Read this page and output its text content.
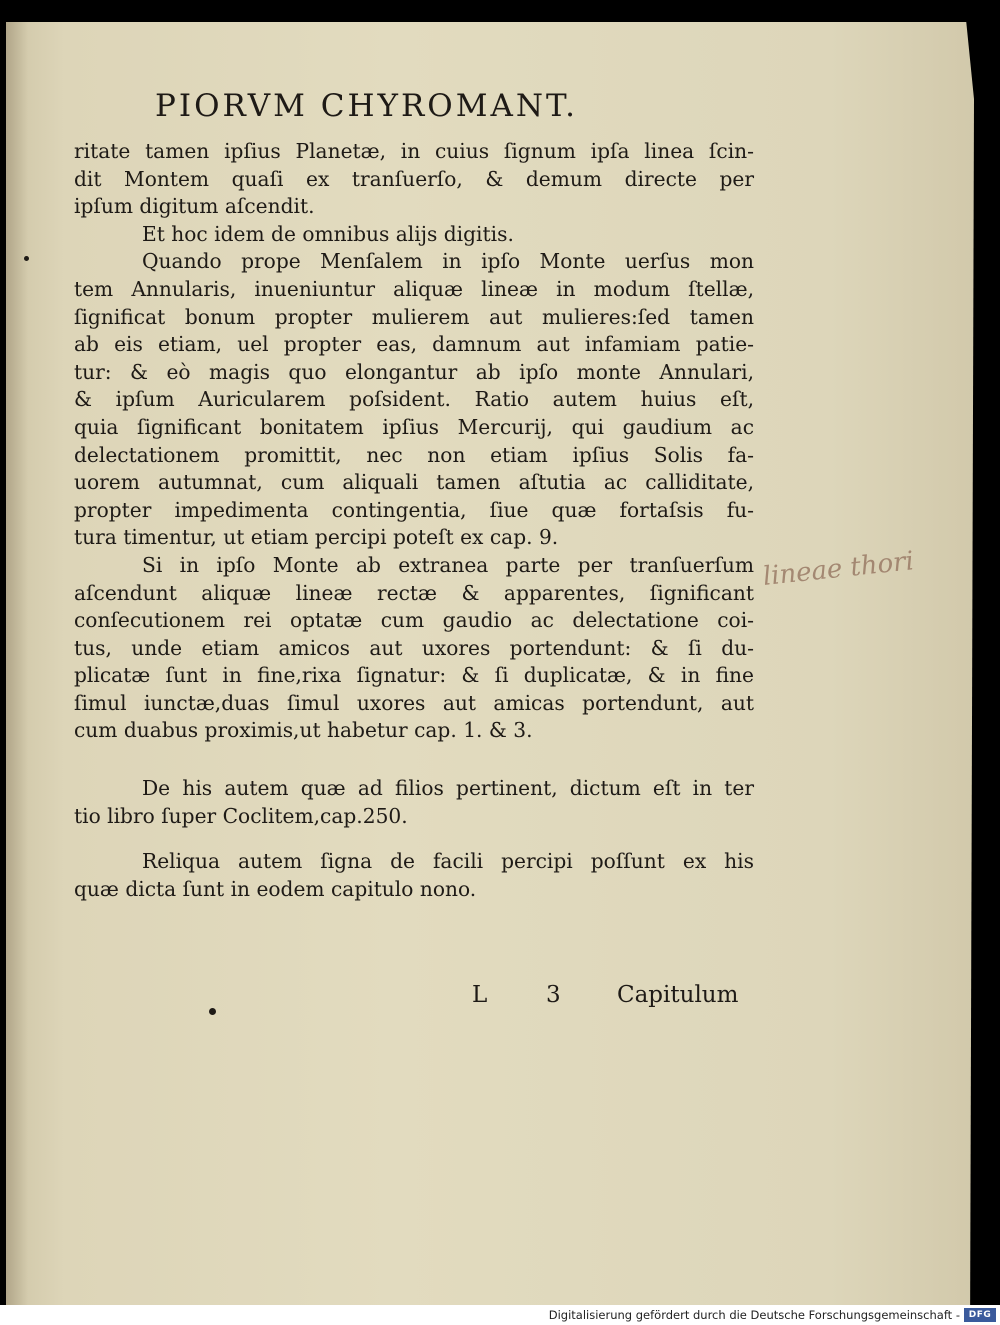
PIORVM CHYROMANT.
ritate tamen ipſius Planetæ, in cuius ſignum ipſa linea ſcin-
dit Montem quaſi ex tranſuerſo, & demum directe per
ipſum digitum aſcendit.
Et hoc idem de omnibus alijs digitis.
Quando prope Menſalem in ipſo Monte uerſus mon
tem Annularis, inueniuntur aliquæ lineæ in modum ſtellæ,
ſignificat bonum propter mulierem aut mulieres:ſed tamen
ab eis etiam, uel propter eas, damnum aut infamiam patie-
tur: & eò magis quo elongantur ab ipſo monte Annulari,
& ipſum Auricularem poſsident. Ratio autem huius eſt,
quia ſignificant bonitatem ipſius Mercurij, qui gaudium ac
delectationem promittit, nec non etiam ipſius Solis fa-
uorem autumnat, cum aliquali tamen aſtutia ac calliditate,
propter impedimenta contingentia, ſiue quæ fortaſsis fu-
tura timentur, ut etiam percipi poteſt ex cap. 9.
Si in ipſo Monte ab extranea parte per tranſuerſum
aſcendunt aliquæ lineæ rectæ & apparentes, ſignificant
conſecutionem rei optatæ cum gaudio ac delectatione coi-
tus, unde etiam amicos aut uxores portendunt: & ſi du-
plicatæ ſunt in fine,rixa ſignatur: & ſi duplicatæ, & in fine
ſimul iunctæ,duas ſimul uxores aut amicas portendunt, aut
cum duabus proximis,ut habetur cap. 1. & 3.
De his autem quæ ad filios pertinent, dictum eſt in ter
tio libro ſuper Coclitem,cap.250.
Reliqua autem ſigna de facili percipi poſſunt ex his
quæ dicta ſunt in eodem capitulo nono.
L	3 Capitulum
lineae thori
Digitalisierung gefördert durch die Deutsche Forschungsgemeinschaft - DFG
